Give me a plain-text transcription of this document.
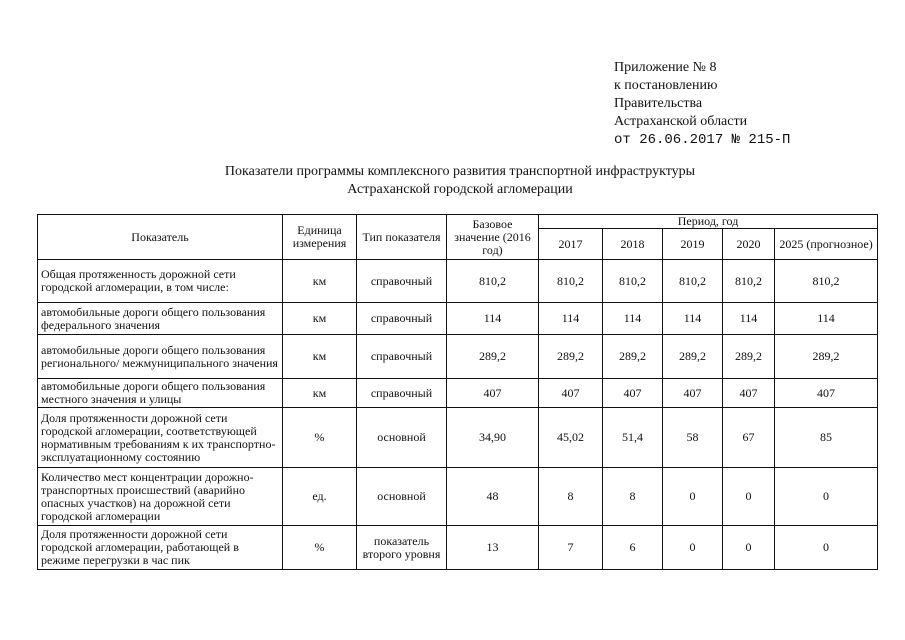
Приложение № 8
к постановлению
Правительства
Астраханской области
от 26.06.2017 № 215-П
Показатели программы комплексного развития транспортной инфраструктуры
Астраханской городской агломерации
Показатель	Единица измерения	Тип показателя	Базовое значение (2016 год)	Период, год				
				2017	2018	2019	2020	2025 (прогнозное)
Общая протяженность дорожной сети городской агломерации, в том числе:	км	справочный	810,2	810,2	810,2	810,2	810,2	810,2
автомобильные дороги общего пользования федерального значения	км	справочный	114	114	114	114	114	114
автомобильные дороги общего пользования регионального/ межмуниципального значения	км	справочный	289,2	289,2	289,2	289,2	289,2	289,2
автомобильные дороги общего пользования местного значения и улицы	км	справочный	407	407	407	407	407	407
Доля протяженности дорожной сети городской агломерации, соответствующей нормативным требованиям к их транспортно-эксплуатационному состоянию	%	основной	34,90	45,02	51,4	58	67	85
Количество мест концентрации дорожно-транспортных происшествий (аварийно опасных участков) на дорожной сети городской агломерации	ед.	основной	48	8	8	0	0	0
Доля протяженности дорожной сети городской агломерации, работающей в режиме перегрузки в час пик	%	показатель второго уровня	13	7	6	0	0	0
